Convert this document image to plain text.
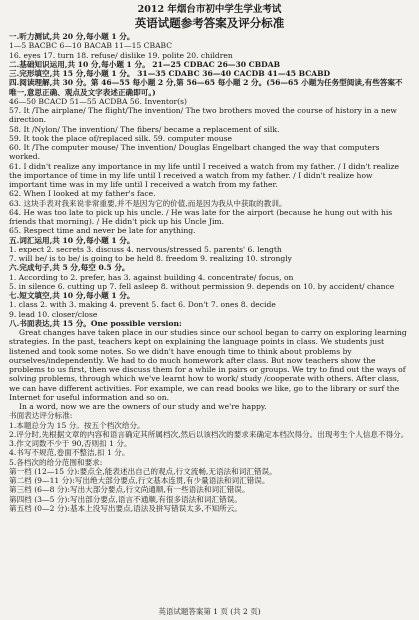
2012 年烟台市初中学生学业考试

英语试题参考答案及评分标准

一.听力测试,共 20 分,每小题 1 分。

1—5 BACBC 6—10 BACAB 11—15 CBABC

16. eyes 17. turn 18. refuse/ dislike 19. polite 20. children

二.基础知识运用,共 10 分,每小题 1 分。 21—25 CDBAC 26—30 CBDAB

三.完形填空,共 15 分,每小题 1 分。 31—35 CDABC 36—40 CACDB 41—45 BCABD

四.阅读理解,共 30 分。第 46—55 每小题 2 分,第 56—65 每小题 2 分。(56—65 小题为任务型阅读,有些答案不唯一,意思正确、观点及文字表述正确即可。)

46—50 BCACD 51—55 ACDBA 56. Inventor(s)

57. It /The airplane/ The flight/The invention/ The two brothers moved the course of history in a new direction.

58. It /Nylon/ The invention/ The fibers/ became a replacement of silk.

59. It took the place of/replaced silk. 59. computer mouse

60. It /The computer mouse/ The invention/ Douglas Engelbart changed the way that computers worked.

61. I didn't realize any importance in my life until I received a watch from my father. / I didn't realize the importance of time in my life until I received a watch from my father. / I didn't realize how important time was in my life until I received a watch from my father.

62. When I looked at my father's face.

63. 这块手表对我来说非常重要,并不是因为它的价值,而是因为我从中获取的教训。

64. He was too late to pick up his uncle. / He was late for the airport (because he hung out with his friends that morning). / He didn't pick up his Uncle Jim.

65. Respect time and never be late for anything.

五.词汇运用,共 10 分,每小题 1 分。

1. expect 2. secrets 3. discuss 4. nervous/stressed 5. parents' 6. length

7. will be/ is to be/ is going to be held 8. freedom 9. realizing 10. strongly

六.完成句子,共 5 分,每空 0.5 分。

1. According to 2. prefer, has 3. against building 4. concentrate/ focus, on

5. in silence 6. cutting up 7. fell asleep 8. without permission 9. depends on 10. by accident/ chance

七.短文填空,共 10 分,每小题 1 分。

1. class 2. with 3. making 4. prevent 5. fact 6. Don't 7. ones 8. decide

9. lead 10. closer/close

八.书面表达,共 15 分。One possible version:

Great changes have taken place in our studies since our school began to carry on exploring learning strategies. In the past, teachers kept on explaining the language points in class. We students just listened and took some notes. So we didn't have enough time to think about problems by ourselves/independently. We had to do much homework after class. But now teachers show the problems to us first, then we discuss them for a while in pairs or groups. We try to find out the ways of solving problems, through which we've learnt how to work/ study /cooperate with others. After class, we can have different activities. For example, we can read books we like, go to the library or surf the Internet for useful information and so on.

In a word, now we are the owners of our study and we're happy.

书面表达评分标准:

1.本题总分为 15 分。按五个档次给分。

2.评分时,先根据文章的内容和语言确定其所属档次,然后以该档次的要求来确定本档次得分。出现考生个人信息不得分。

3.作文词数不少于 90,否则扣 1 分。

4.书写不规范,卷面不整洁,扣 1 分。

5.各档次的给分范围和要求:

第一档 (12—15 分):要点全,能表述出自己的观点,行文流畅,无语法和词汇错误。

第二档 (9—11 分):写出绝大部分要点,行文基本连贯,有少量语法和词汇错误。

第三档 (6—8 分):写出大部分要点,行文尚通顺,有一些语法和词汇错误。

第四档 (3—5 分):写出部分要点,语言不通顺,有很多语法和词汇错误。

第五档 (0—2 分):基本上没写出要点,语法及拼写错误太多,不知所云。

英语试题答案第 1 页 (共 2 页)
